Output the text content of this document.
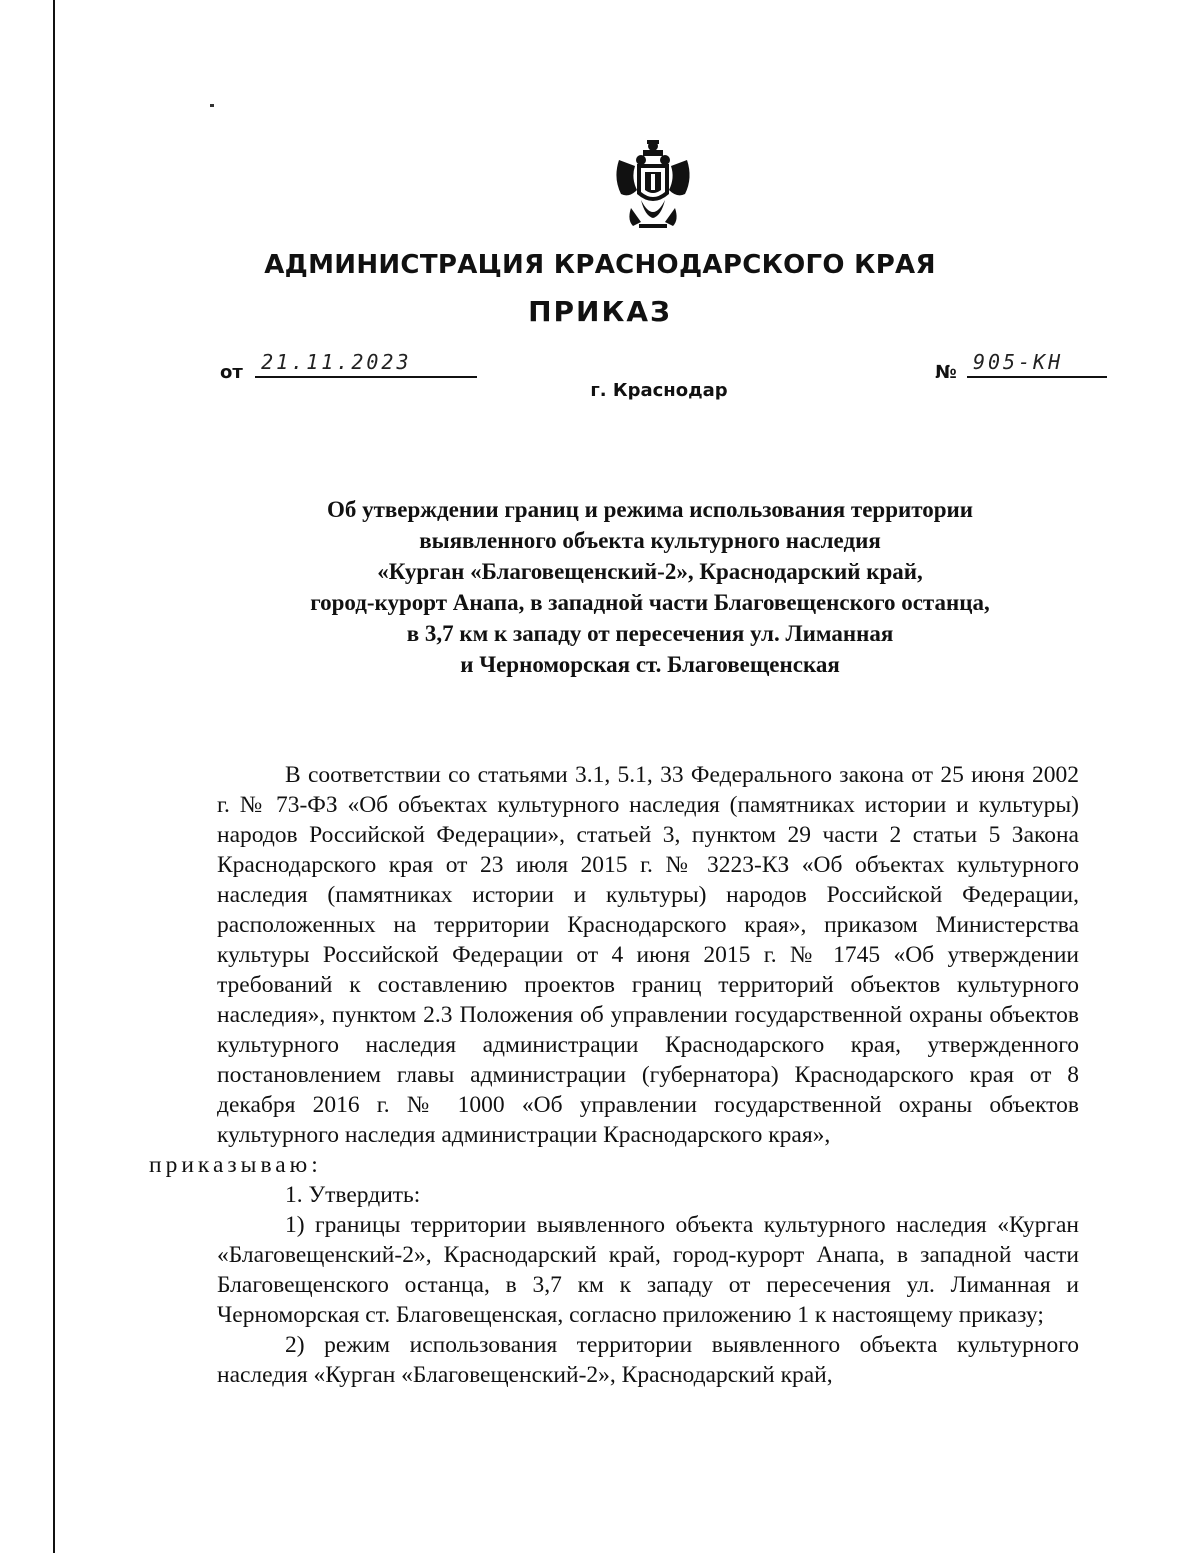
АДМИНИСТРАЦИЯ КРАСНОДАРСКОГО КРАЯ
ПРИКАЗ
от 21.11.2023	№ 905-КН
г. Краснодар
Об утверждении границ и режима использования территории
выявленного объекта культурного наследия
«Курган «Благовещенский-2», Краснодарский край,
город-курорт Анапа, в западной части Благовещенского останца,
в 3,7 км к западу от пересечения ул. Лиманная
и Черноморская ст. Благовещенская

В соответствии со статьями 3.1, 5.1, 33 Федерального закона от 25 июня 2002 г. № 73-ФЗ «Об объектах культурного наследия (памятниках истории и культуры) народов Российской Федерации», статьей 3, пунктом 29 части 2 статьи 5 Закона Краснодарского края от 23 июля 2015 г. № 3223-КЗ «Об объектах культурного наследия (памятниках истории и культуры) народов Российской Федерации, расположенных на территории Краснодарского края», приказом Министерства культуры Российской Федерации от 4 июня 2015 г. № 1745 «Об утверждении требований к составлению проектов границ территорий объектов культурного наследия», пунктом 2.3 Положения об управлении государственной охраны объектов культурного наследия администрации Краснодарского края, утвержденного постановлением главы администрации (губернатора) Краснодарского края от 8 декабря 2016 г. № 1000 «Об управлении государственной охраны объектов культурного наследия администрации Краснодарского края»,
приказываю:

1. Утвердить:

1) границы территории выявленного объекта культурного наследия «Курган «Благовещенский-2», Краснодарский край, город-курорт Анапа, в западной части Благовещенского останца, в 3,7 км к западу от пересечения ул. Лиманная и Черноморская ст. Благовещенская, согласно приложению 1 к настоящему приказу;

2) режим использования территории выявленного объекта культурного наследия «Курган «Благовещенский-2», Краснодарский край,
